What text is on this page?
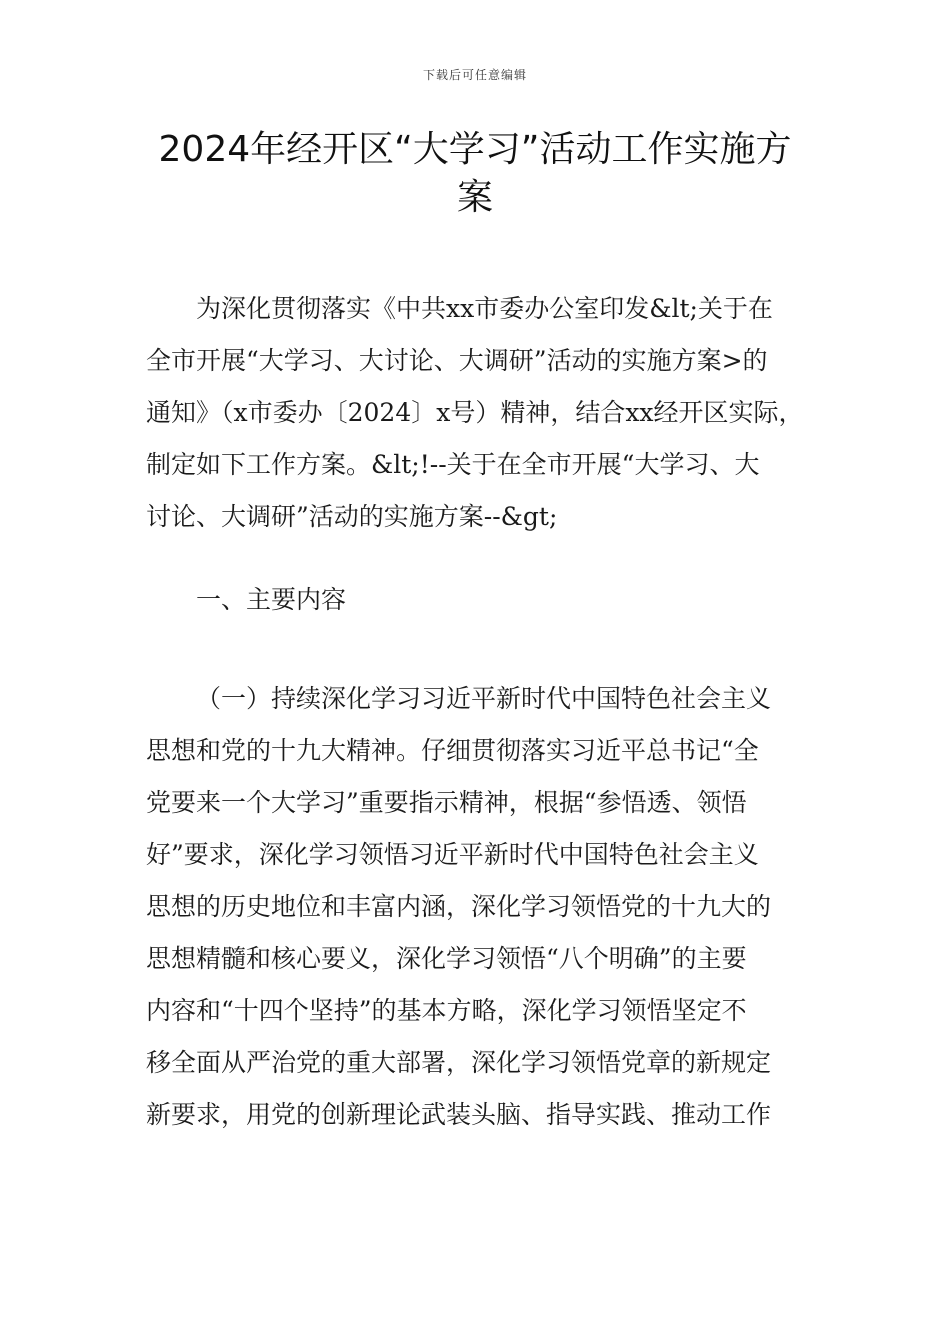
下载后可任意编辑
2024年经开区“大学习”活动工作实施方
案
为深化贯彻落实《中共xx市委办公室印发&lt;关于在
全市开展“大学习、大讨论、大调研”活动的实施方案>的
通知》（x市委办〔2024〕x号）精神，结合xx经开区实际，
制定如下工作方案。&lt;!--关于在全市开展“大学习、大
讨论、大调研”活动的实施方案--&gt;
一、主要内容
（一）持续深化学习习近平新时代中国特色社会主义
思想和党的十九大精神。仔细贯彻落实习近平总书记“全
党要来一个大学习”重要指示精神，根据“参悟透、领悟
好”要求，深化学习领悟习近平新时代中国特色社会主义
思想的历史地位和丰富内涵，深化学习领悟党的十九大的
思想精髓和核心要义，深化学习领悟“八个明确”的主要
内容和“十四个坚持”的基本方略，深化学习领悟坚定不
移全面从严治党的重大部署，深化学习领悟党章的新规定
新要求，用党的创新理论武装头脑、指导实践、推动工作
